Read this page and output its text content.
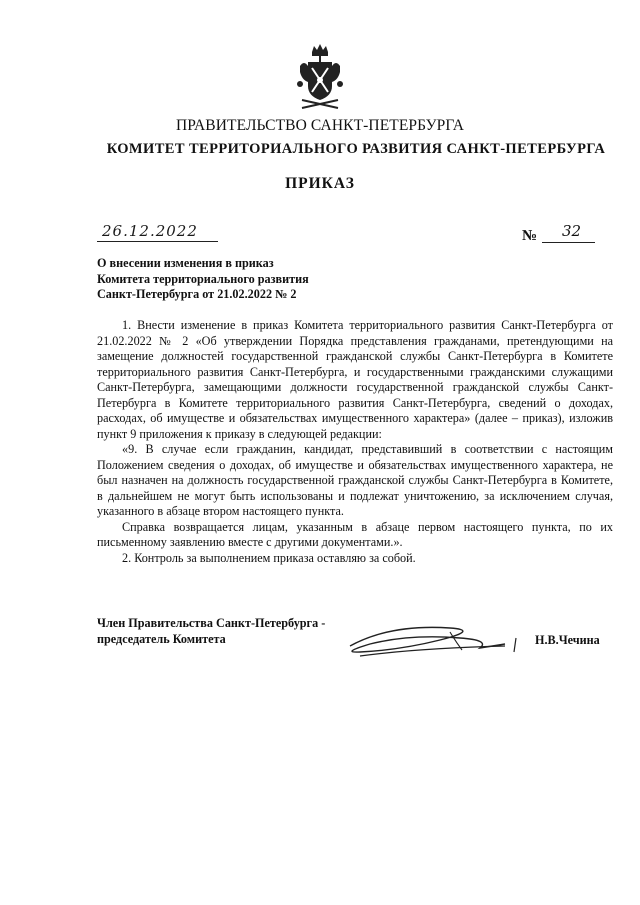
ПРАВИТЕЛЬСТВО САНКТ-ПЕТЕРБУРГА
КОМИТЕТ ТЕРРИТОРИАЛЬНОГО РАЗВИТИЯ САНКТ-ПЕТЕРБУРГА
ПРИКАЗ
26.12.2022	№ 32
О внесении изменения в приказ
Комитета территориального развития
Санкт-Петербурга от 21.02.2022 № 2

1. Внести изменение в приказ Комитета территориального развития Санкт-Петербурга от 21.02.2022 № 2 «Об утверждении Порядка представления гражданами, претендующими на замещение должностей государственной гражданской службы Санкт-Петербурга в Комитете территориального развития Санкт-Петербурга, и государственными гражданскими служащими Санкт-Петербурга, замещающими должности государственной гражданской службы Санкт-Петербурга в Комитете территориального развития Санкт-Петербурга, сведений о доходах, расходах, об имуществе и обязательствах имущественного характера» (далее – приказ), изложив пункт 9 приложения к приказу в следующей редакции:

«9. В случае если гражданин, кандидат, представивший в соответствии с настоящим Положением сведения о доходах, об имуществе и обязательствах имущественного характера, не был назначен на должность государственной гражданской службы Санкт-Петербурга в Комитете, в дальнейшем не могут быть использованы и подлежат уничтожению, за исключением случая, указанного в абзаце втором настоящего пункта.

Справка возвращается лицам, указанным в абзаце первом настоящего пункта, по их письменному заявлению вместе с другими документами.».

2. Контроль за выполнением приказа оставляю за собой.

Член Правительства Санкт-Петербурга -
председатель Комитета	Н.В.Чечина
